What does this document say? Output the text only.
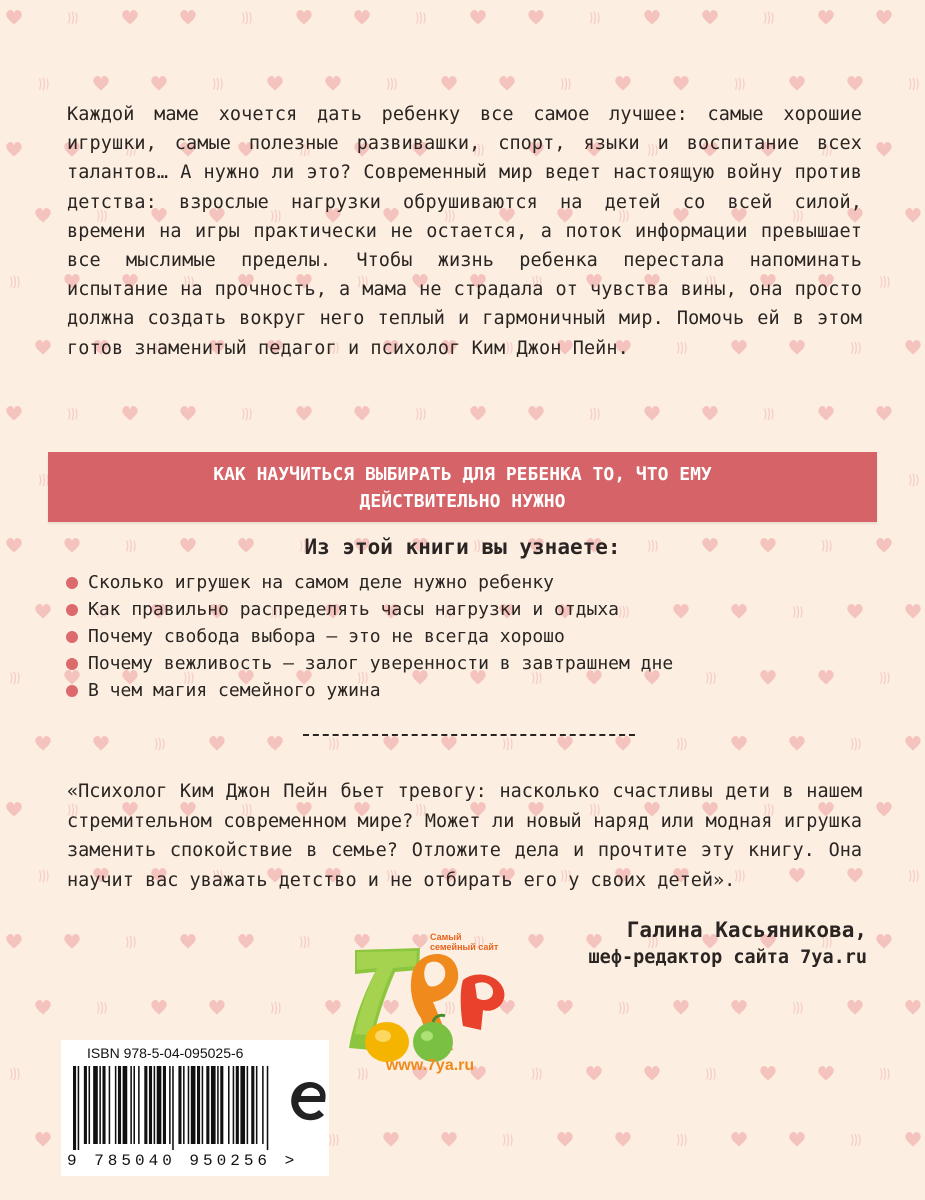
Каждой маме хочется дать ребенку все самое лучшее: самые хорошие игрушки, самые полезные развивашки, спорт, языки и воспитание всех талантов… А нужно ли это? Современный мир ведет настоящую войну против детства: взрослые нагрузки обрушиваются на детей со всей силой, времени на игры практически не остается, а поток информации превышает все мыслимые пределы. Чтобы жизнь ребенка перестала напоминать испытание на прочность, а мама не страдала от чувства вины, она просто должна создать вокруг него теплый и гармоничный мир. Помочь ей в этом готов знаменитый педагог и психолог Ким Джон Пейн.

КАК НАУЧИТЬСЯ ВЫБИРАТЬ ДЛЯ РЕБЕНКА ТО, ЧТО ЕМУ
ДЕЙСТВИТЕЛЬНО НУЖНО
Из этой книги вы узнаете:
Сколько игрушек на самом деле нужно ребенку
Как правильно распределять часы нагрузки и отдыха
Почему свобода выбора — это не всегда хорошо
Почему вежливость — залог уверенности в завтрашнем дне
В чем магия семейного ужина

«Психолог Ким Джон Пейн бьет тревогу: насколько счастливы дети в нашем стремительном современном мире? Может ли новый наряд или модная игрушка заменить спокойствие в семье? Отложите дела и прочтите эту книгу. Она научит вас уважать детство и не отбирать его у своих детей».

Галина Касьяникова,
шеф-редактор сайта 7ya.ru
Самый
семейный сайт
www.7ya.ru
ISBN 978-5-04-095025-6
9 785040 950256 >
